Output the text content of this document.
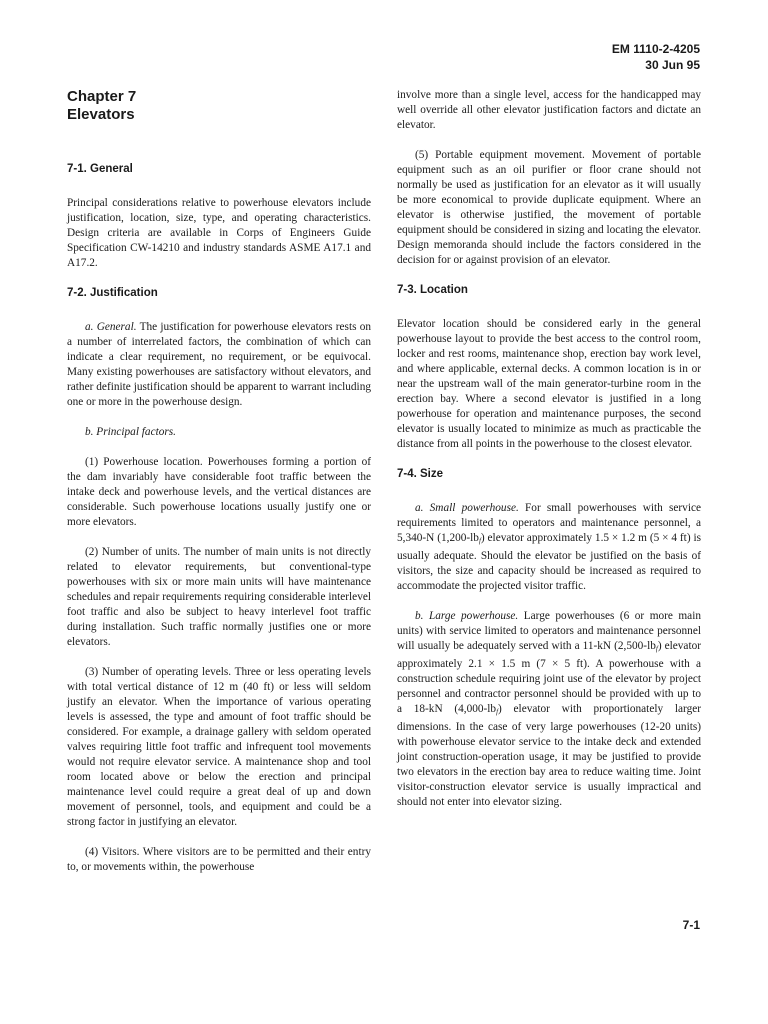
EM 1110-2-4205
30 Jun 95
Chapter 7
Elevators
7-1. General

Principal considerations relative to powerhouse elevators include justification, location, size, type, and operating characteristics. Design criteria are available in Corps of Engineers Guide Specification CW-14210 and industry standards ASME A17.1 and A17.2.

7-2. Justification

a. General. The justification for powerhouse elevators rests on a number of interrelated factors, the combination of which can indicate a clear requirement, no requirement, or be equivocal. Many existing powerhouses are satisfactory without elevators, and rather definite justification should be apparent to warrant including one or more in the powerhouse design.

b. Principal factors.

(1) Powerhouse location. Powerhouses forming a portion of the dam invariably have considerable foot traffic between the intake deck and powerhouse levels, and the vertical distances are considerable. Such powerhouse locations usually justify one or more elevators.

(2) Number of units. The number of main units is not directly related to elevator requirements, but conventional-type powerhouses with six or more main units will have maintenance schedules and repair requirements requiring considerable interlevel foot traffic and also be subject to heavy interlevel foot traffic during installation. Such traffic normally justifies one or more elevators.

(3) Number of operating levels. Three or less operating levels with total vertical distance of 12 m (40 ft) or less will seldom justify an elevator. When the importance of various operating levels is assessed, the type and amount of foot traffic should be considered. For example, a drainage gallery with seldom operated valves requiring little foot traffic and infrequent tool movements would not require elevator service. A maintenance shop and tool room located above or below the erection and principal maintenance level could require a great deal of up and down movement of personnel, tools, and equipment and could be a strong factor in justifying an elevator.

(4) Visitors. Where visitors are to be permitted and their entry to, or movements within, the powerhouse

involve more than a single level, access for the handicapped may well override all other elevator justification factors and dictate an elevator.

(5) Portable equipment movement. Movement of portable equipment such as an oil purifier or floor crane should not normally be used as justification for an elevator as it will usually be more economical to provide duplicate equipment. Where an elevator is otherwise justified, the movement of portable equipment should be considered in sizing and locating the elevator. Design memoranda should include the factors considered in the decision for or against provision of an elevator.

7-3. Location

Elevator location should be considered early in the general powerhouse layout to provide the best access to the control room, locker and rest rooms, maintenance shop, erection bay work level, and where applicable, external decks. A common location is in or near the upstream wall of the main generator-turbine room in the erection bay. Where a second elevator is justified in a long powerhouse for operation and maintenance purposes, the second elevator is usually located to minimize as much as practicable the distance from all points in the powerhouse to the closest elevator.

7-4. Size

a. Small powerhouse. For small powerhouses with service requirements limited to operators and maintenance personnel, a 5,340-N $(1,200-lb_f)$ elevator approximately 1.5 × 1.2 m (5 × 4 ft) is usually adequate. Should the elevator be justified on the basis of visitors, the size and capacity should be increased as required to accommodate the projected visitor traffic.

b. Large powerhouse. Large powerhouses (6 or more main units) with service limited to operators and maintenance personnel will usually be adequately served with a 11-kN $(2,500-lb_f)$ elevator approximately 2.1 × 1.5 m (7 × 5 ft). A powerhouse with a construction schedule requiring joint use of the elevator by project personnel and contractor personnel should be provided with up to a 18-kN $(4,000-lb_f)$ elevator with proportionately larger dimensions. In the case of very large powerhouses (12-20 units) with powerhouse elevator service to the intake deck and extended joint construction-operation usage, it may be justified to provide two elevators in the erection bay area to reduce waiting time. Joint visitor-construction elevator service is usually impractical and should not enter into elevator sizing.

7-1
